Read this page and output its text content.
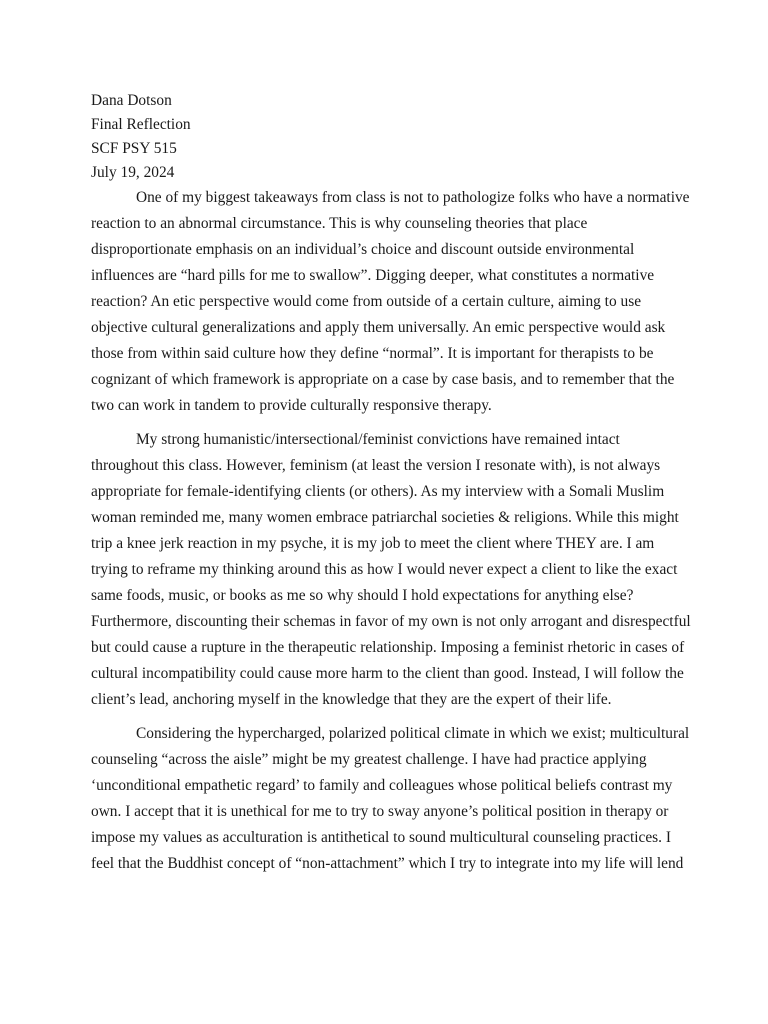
Dana Dotson
Final Reflection
SCF PSY 515
July 19, 2024
One of my biggest takeaways from class is not to pathologize folks who have a normative
reaction to an abnormal circumstance. This is why counseling theories that place
disproportionate emphasis on an individual’s choice and discount outside environmental
influences are “hard pills for me to swallow”. Digging deeper, what constitutes a normative
reaction? An etic perspective would come from outside of a certain culture, aiming to use
objective cultural generalizations and apply them universally. An emic perspective would ask
those from within said culture how they define “normal”. It is important for therapists to be
cognizant of which framework is appropriate on a case by case basis, and to remember that the
two can work in tandem to provide culturally responsive therapy.
My strong humanistic/intersectional/feminist convictions have remained intact
throughout this class. However, feminism (at least the version I resonate with), is not always
appropriate for female-identifying clients (or others). As my interview with a Somali Muslim
woman reminded me, many women embrace patriarchal societies & religions. While this might
trip a knee jerk reaction in my psyche, it is my job to meet the client where THEY are. I am
trying to reframe my thinking around this as how I would never expect a client to like the exact
same foods, music, or books as me so why should I hold expectations for anything else?
Furthermore, discounting their schemas in favor of my own is not only arrogant and disrespectful
but could cause a rupture in the therapeutic relationship. Imposing a feminist rhetoric in cases of
cultural incompatibility could cause more harm to the client than good. Instead, I will follow the
client’s lead, anchoring myself in the knowledge that they are the expert of their life.
Considering the hypercharged, polarized political climate in which we exist; multicultural
counseling “across the aisle” might be my greatest challenge. I have had practice applying
‘unconditional empathetic regard’ to family and colleagues whose political beliefs contrast my
own. I accept that it is unethical for me to try to sway anyone’s political position in therapy or
impose my values as acculturation is antithetical to sound multicultural counseling practices. I
feel that the Buddhist concept of “non-attachment” which I try to integrate into my life will lend
